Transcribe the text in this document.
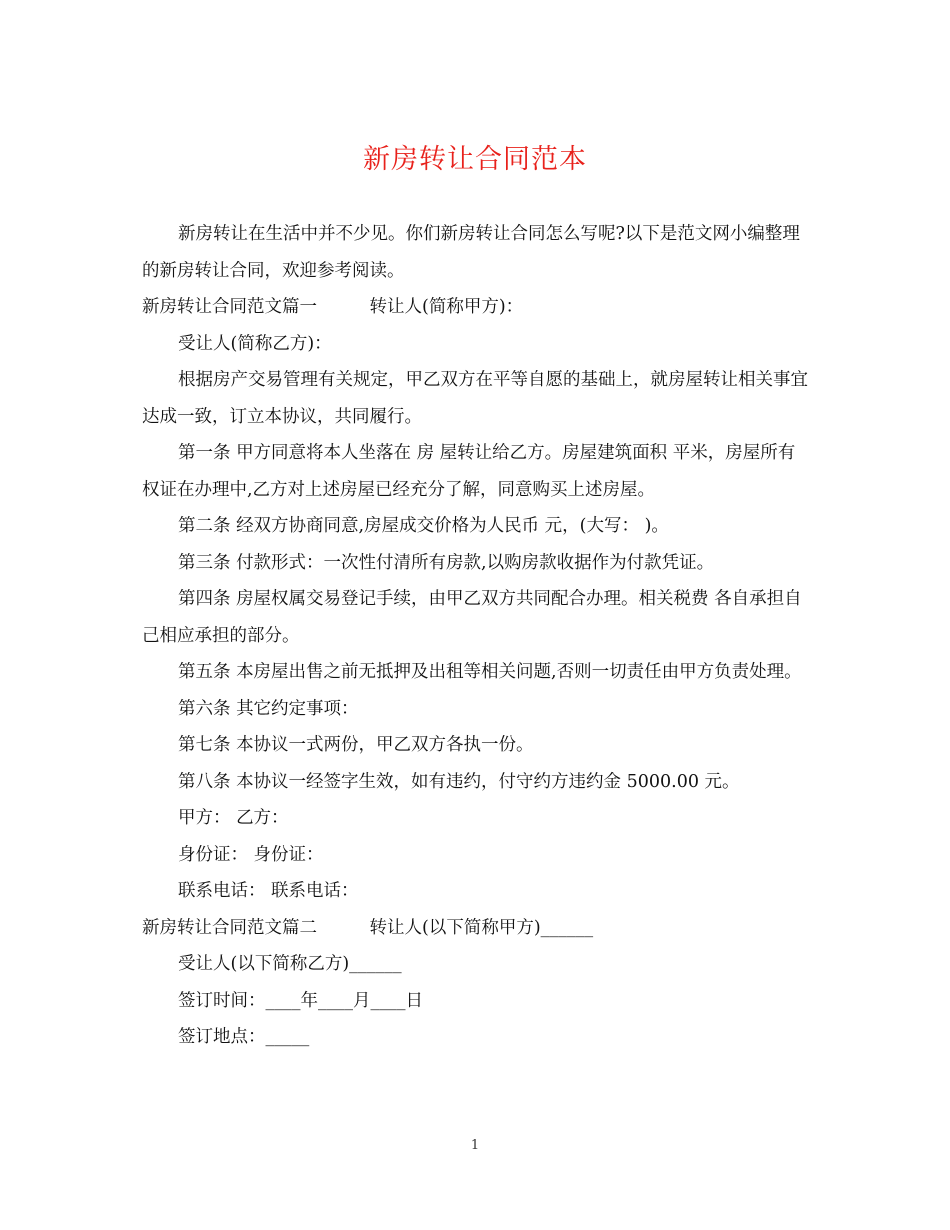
新房转让合同范本

新房转让在生活中并不少见。你们新房转让合同怎么写呢?以下是范文网小编整理的新房转让合同，欢迎参考阅读。

新房转让合同范文篇一　　　转让人(简称甲方)：

受让人(简称乙方)：

根据房产交易管理有关规定，甲乙双方在平等自愿的基础上，就房屋转让相关事宜达成一致，订立本协议，共同履行。

第一条 甲方同意将本人坐落在 房 屋转让给乙方。房屋建筑面积 平米，房屋所有权证在办理中,乙方对上述房屋已经充分了解，同意购买上述房屋。

第二条 经双方协商同意,房屋成交价格为人民币 元，(大写： )。

第三条 付款形式：一次性付清所有房款,以购房款收据作为付款凭证。

第四条 房屋权属交易登记手续，由甲乙双方共同配合办理。相关税费 各自承担自己相应承担的部分。

第五条 本房屋出售之前无抵押及出租等相关问题,否则一切责任由甲方负责处理。

第六条 其它约定事项：

第七条 本协议一式两份，甲乙双方各执一份。

第八条 本协议一经签字生效，如有违约，付守约方违约金 5000.00 元。

甲方： 乙方：

身份证： 身份证：

联系电话： 联系电话：

新房转让合同范文篇二　　　转让人(以下简称甲方)______

受让人(以下简称乙方)______

签订时间：____年____月____日

签订地点：_____

1
